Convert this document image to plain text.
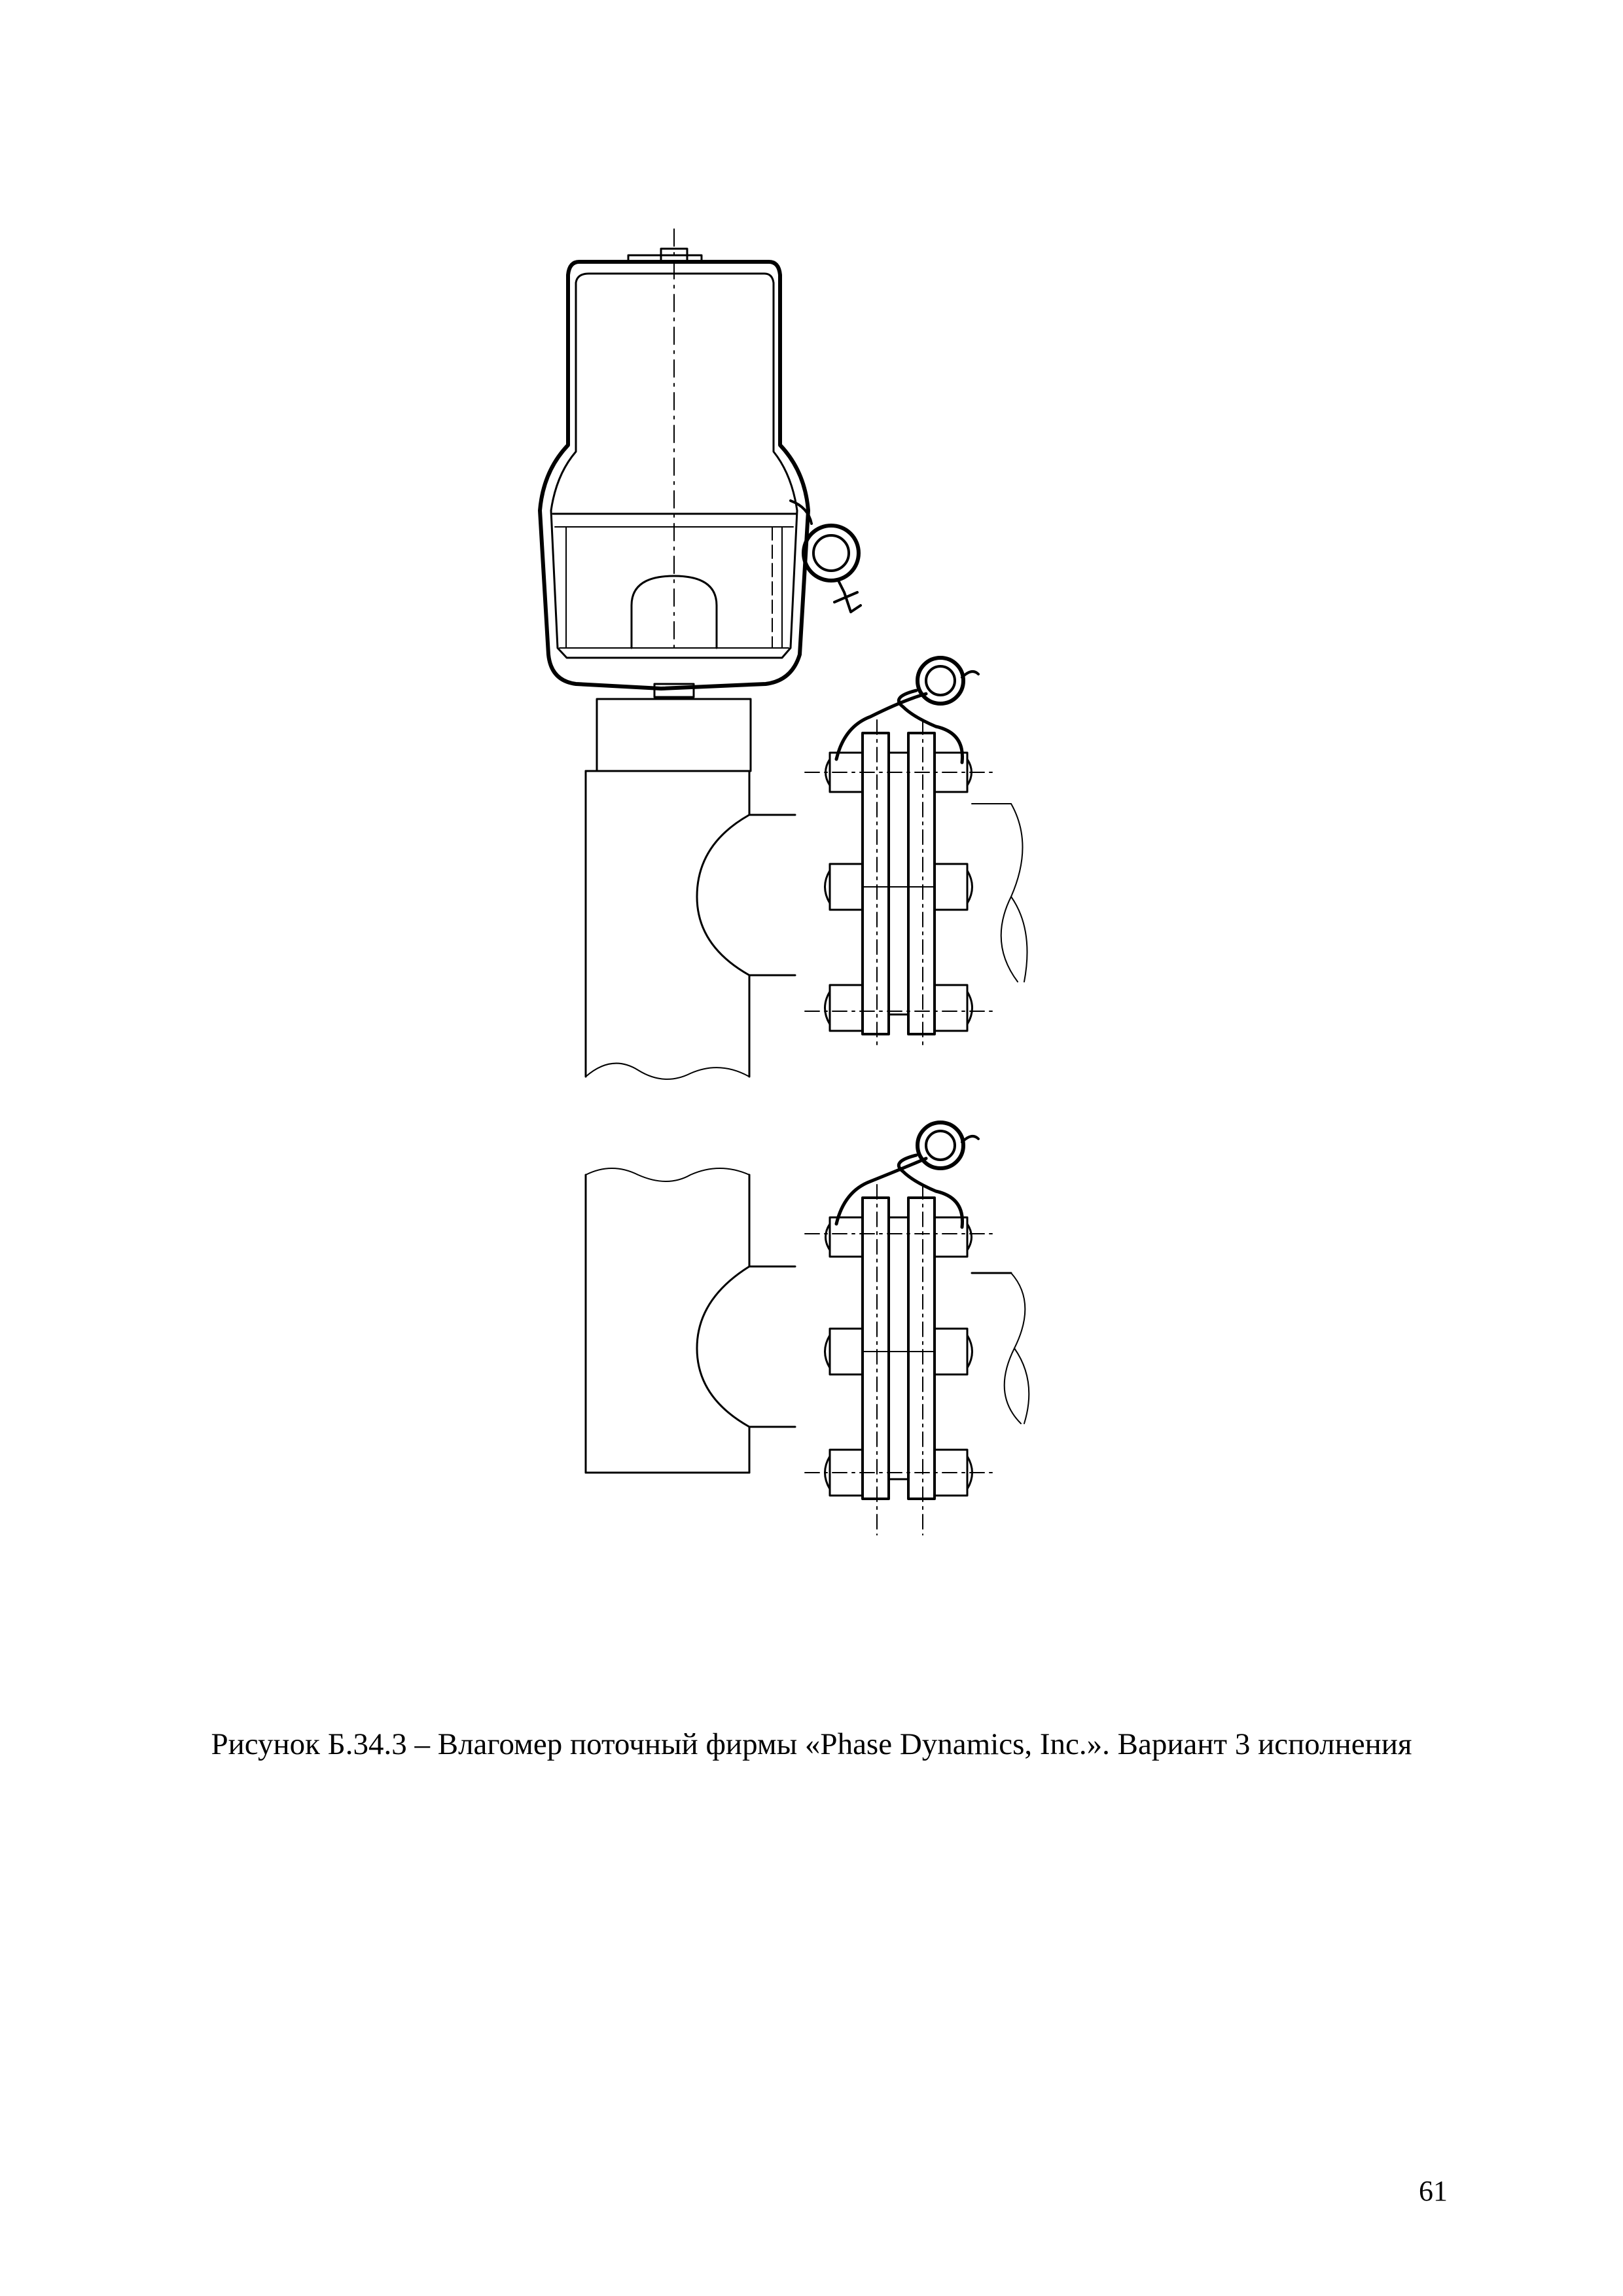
Рисунок Б.34.3 – Влагомер поточный фирмы «Phase Dynamics, Inc.». Вариант 3 исполнения
61
